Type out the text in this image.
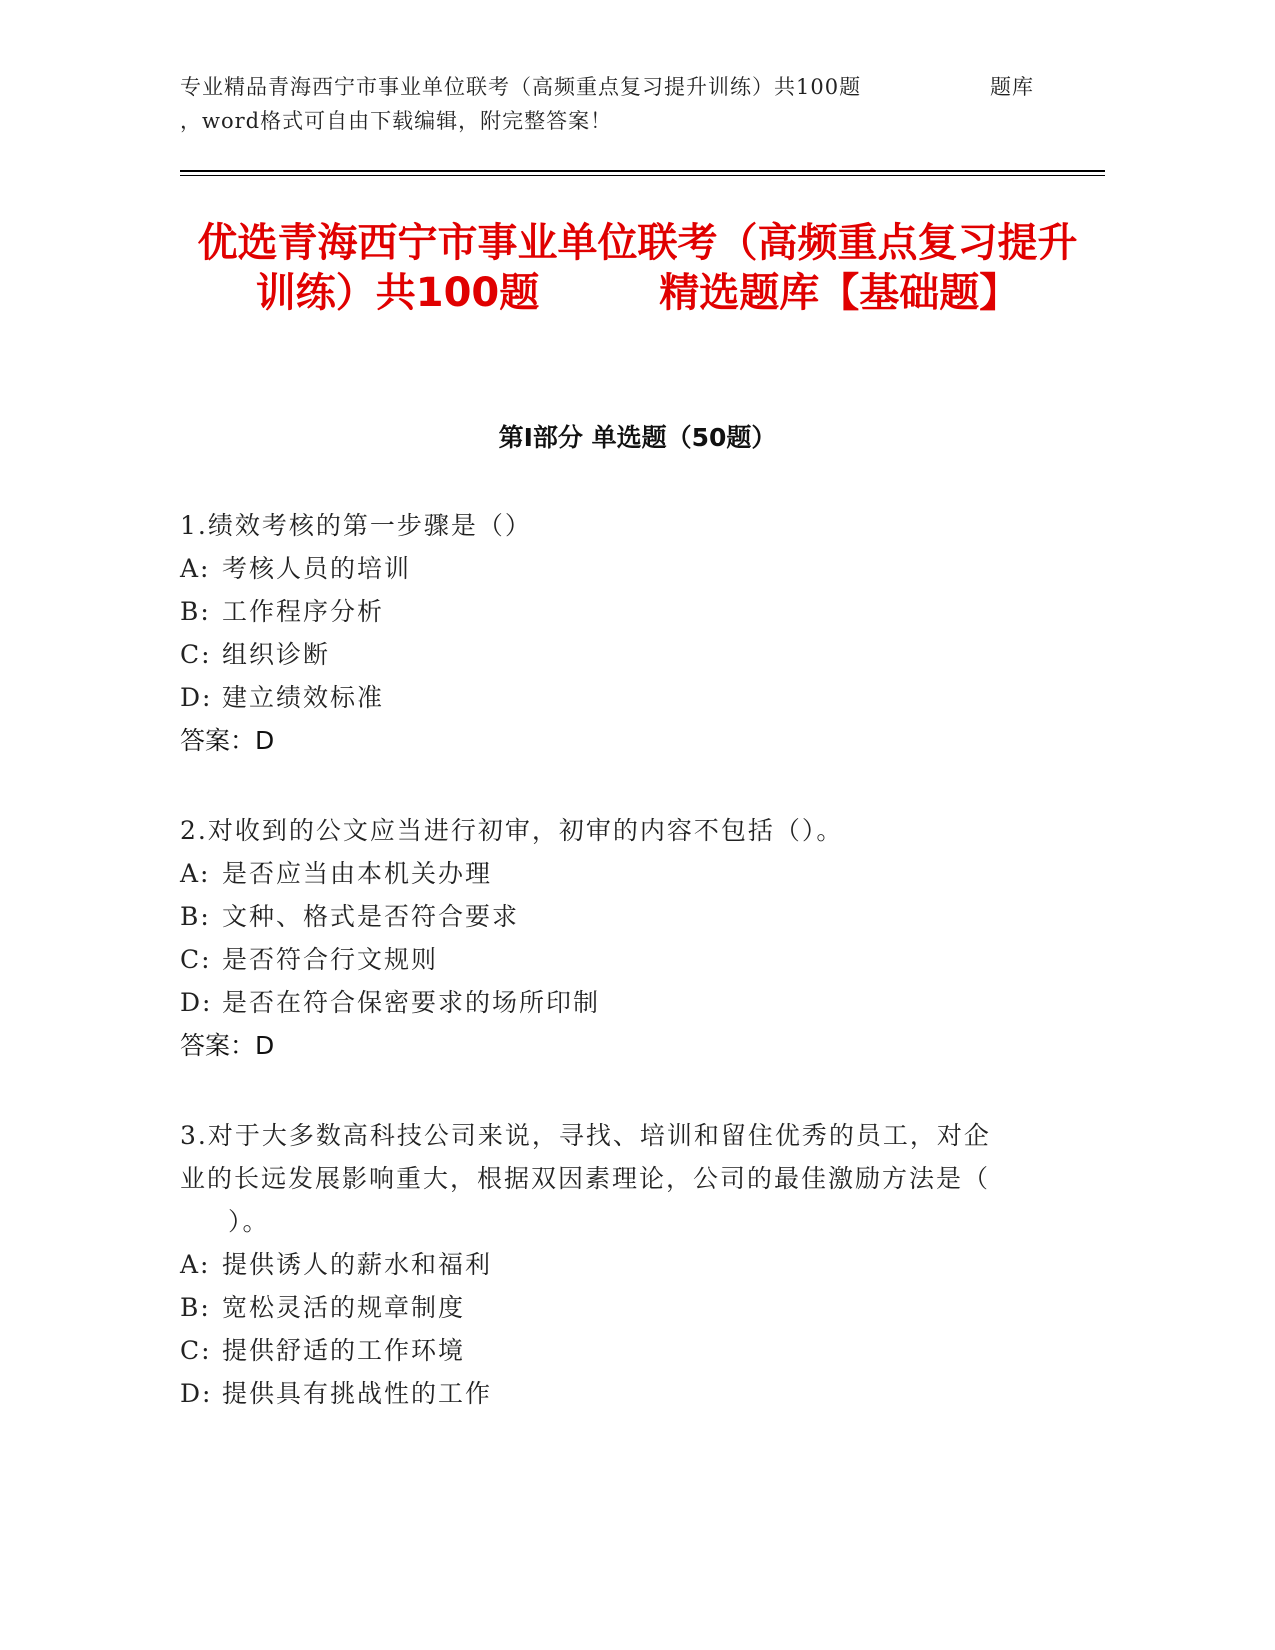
专业精品青海西宁市事业单位联考（高频重点复习提升训练）共100题	题库
，word格式可自由下载编辑，附完整答案！
优选青海西宁市事业单位联考（高频重点复习提升训练）共100题　　　精选题库【基础题】
第Ⅰ部分 单选题（50题）
1.绩效考核的第一步骤是（）
A: 考核人员的培训
B: 工作程序分析
C: 组织诊断
D: 建立绩效标准
答案：D
2.对收到的公文应当进行初审，初审的内容不包括（）。
A: 是否应当由本机关办理
B: 文种、格式是否符合要求
C: 是否符合行文规则
D: 是否在符合保密要求的场所印制
答案：D
3.对于大多数高科技公司来说，寻找、培训和留住优秀的员工，对企
业的长远发展影响重大，根据双因素理论，公司的最佳激励方法是（
）。
A: 提供诱人的薪水和福利
B: 宽松灵活的规章制度
C: 提供舒适的工作环境
D: 提供具有挑战性的工作
